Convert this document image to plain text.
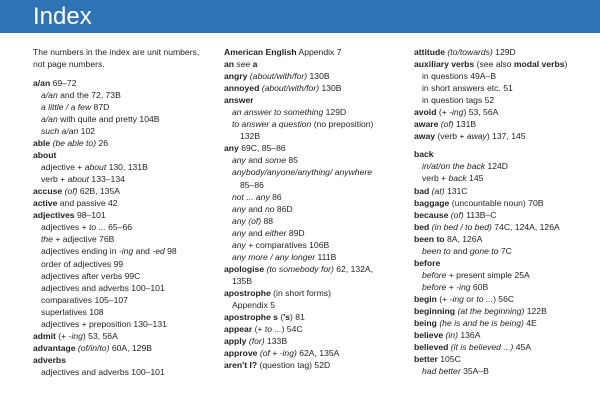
Index
The numbers in the index are unit numbers, not page numbers.
a/an 69–72
a/an and the 72, 73B
a little / a few 87D
a/an with quite and pretty 104B
such a/an 102
able (be able to) 26
about
adjective + about 130, 131B
verb + about 133–134
accuse (of) 62B, 135A
active and passive 42
adjectives 98–101
adjectives + to ... 65–66
the + adjective 76B
adjectives ending in -ing and -ed 98
order of adjectives 99
adjectives after verbs 99C
adjectives and adverbs 100–101
comparatives 105–107
superlatives 108
adjectives + preposition 130–131
admit (+ -ing) 53, 56A
advantage (of/in/to) 60A, 129B
adverbs
adjectives and adverbs 100–101
American English Appendix 7
an see a
angry (about/with/for) 130B
annoyed (about/with/for) 130B
answer
an answer to something 129D
to answer a question (no preposition)
132B
any 69C, 85–86
any and some 85
anybody/anyone/anything/ anywhere
85–86
not ... any 86
any and no 86D
any (of) 88
any and either 89D
any + comparatives 106B
any more / any longer 111B
apologise (to somebody for) 62, 132A,
135B
apostrophe (in short forms)
Appendix 5
apostrophe s ('s) 81
appear (+ to ...) 54C
apply (for) 133B
approve (of + -ing) 62A, 135A
aren't I? (question tag) 52D
attitude (to/towards) 129D
auxiliary verbs (see also modal verbs)
in questions 49A–B
in short answers etc. 51
in question tags 52
avoid (+ -ing) 53, 56A
aware (of) 131B
away (verb + away) 137, 145
back
in/at/on the back 124D
verb + back 145
bad (at) 131C
baggage (uncountable noun) 70B
because (of) 113B–C
bed (in bed / to bed) 74C, 124A, 126A
been to 8A, 126A
been to and gone to 7C
before
before + present simple 25A
before + -ing 60B
begin (+ -ing or to ...) 56C
beginning (at the beginning) 122B
being (he is and he is being) 4E
believe (in) 136A
believed (it is believed ...) 45A
better 105C
had better 35A–B
